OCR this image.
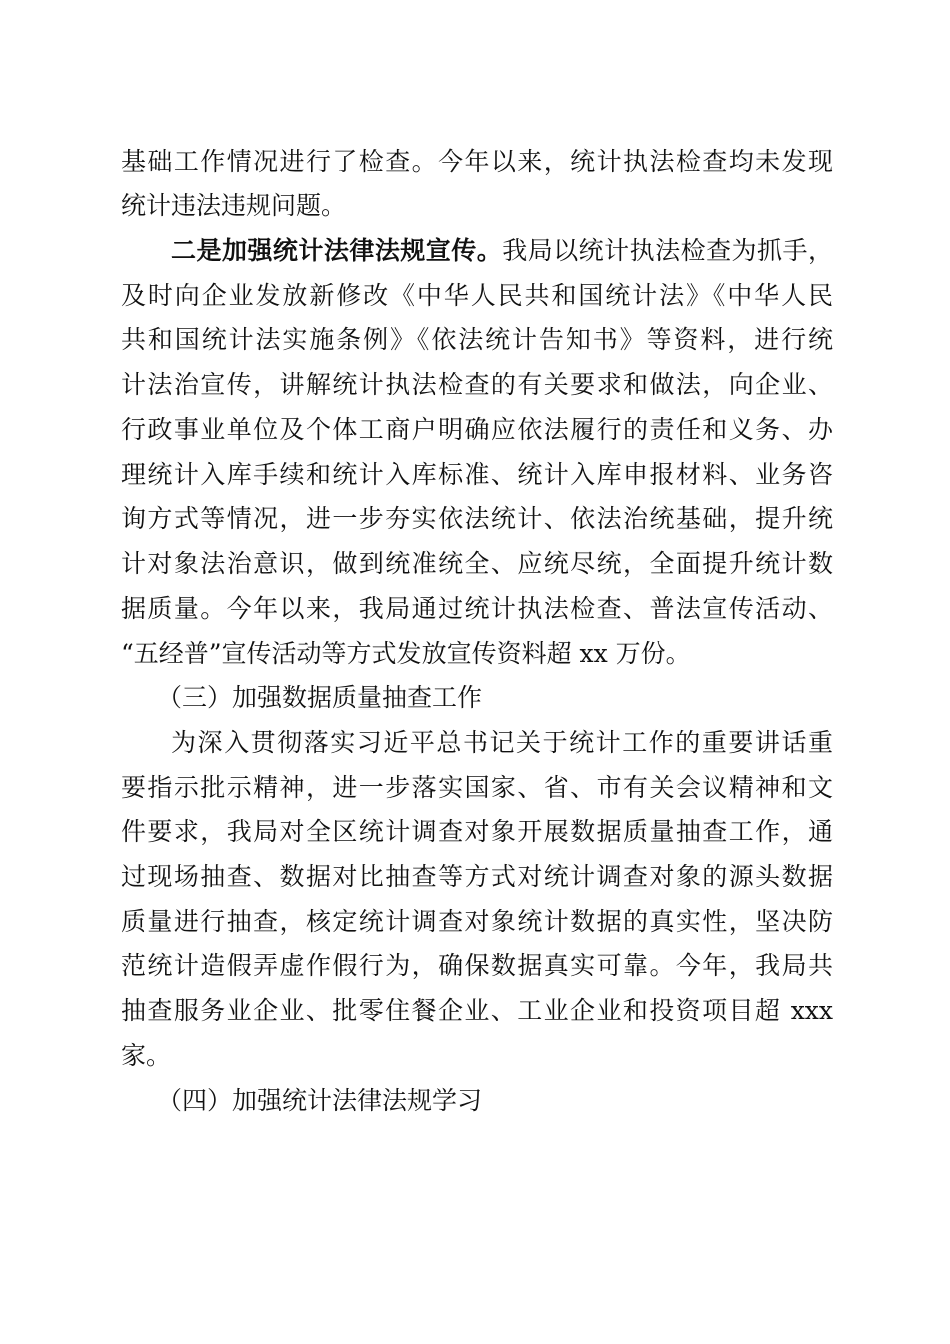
基础工作情况进行了检查。今年以来，统计执法检查均未发现
统计违法违规问题。
二是加强统计法律法规宣传。我局以统计执法检查为抓手，
及时向企业发放新修改《中华人民共和国统计法》《中华人民
共和国统计法实施条例》《依法统计告知书》等资料，进行统
计法治宣传，讲解统计执法检查的有关要求和做法，向企业、
行政事业单位及个体工商户明确应依法履行的责任和义务、办
理统计入库手续和统计入库标准、统计入库申报材料、业务咨
询方式等情况，进一步夯实依法统计、依法治统基础，提升统
计对象法治意识，做到统准统全、应统尽统，全面提升统计数
据质量。今年以来，我局通过统计执法检查、普法宣传活动、
“五经普”宣传活动等方式发放宣传资料超 xx 万份。
（三）加强数据质量抽查工作
为深入贯彻落实习近平总书记关于统计工作的重要讲话重
要指示批示精神，进一步落实国家、省、市有关会议精神和文
件要求，我局对全区统计调查对象开展数据质量抽查工作，通
过现场抽查、数据对比抽查等方式对统计调查对象的源头数据
质量进行抽查，核定统计调查对象统计数据的真实性，坚决防
范统计造假弄虚作假行为，确保数据真实可靠。今年，我局共
抽查服务业企业、批零住餐企业、工业企业和投资项目超 xxx
家。
（四）加强统计法律法规学习
